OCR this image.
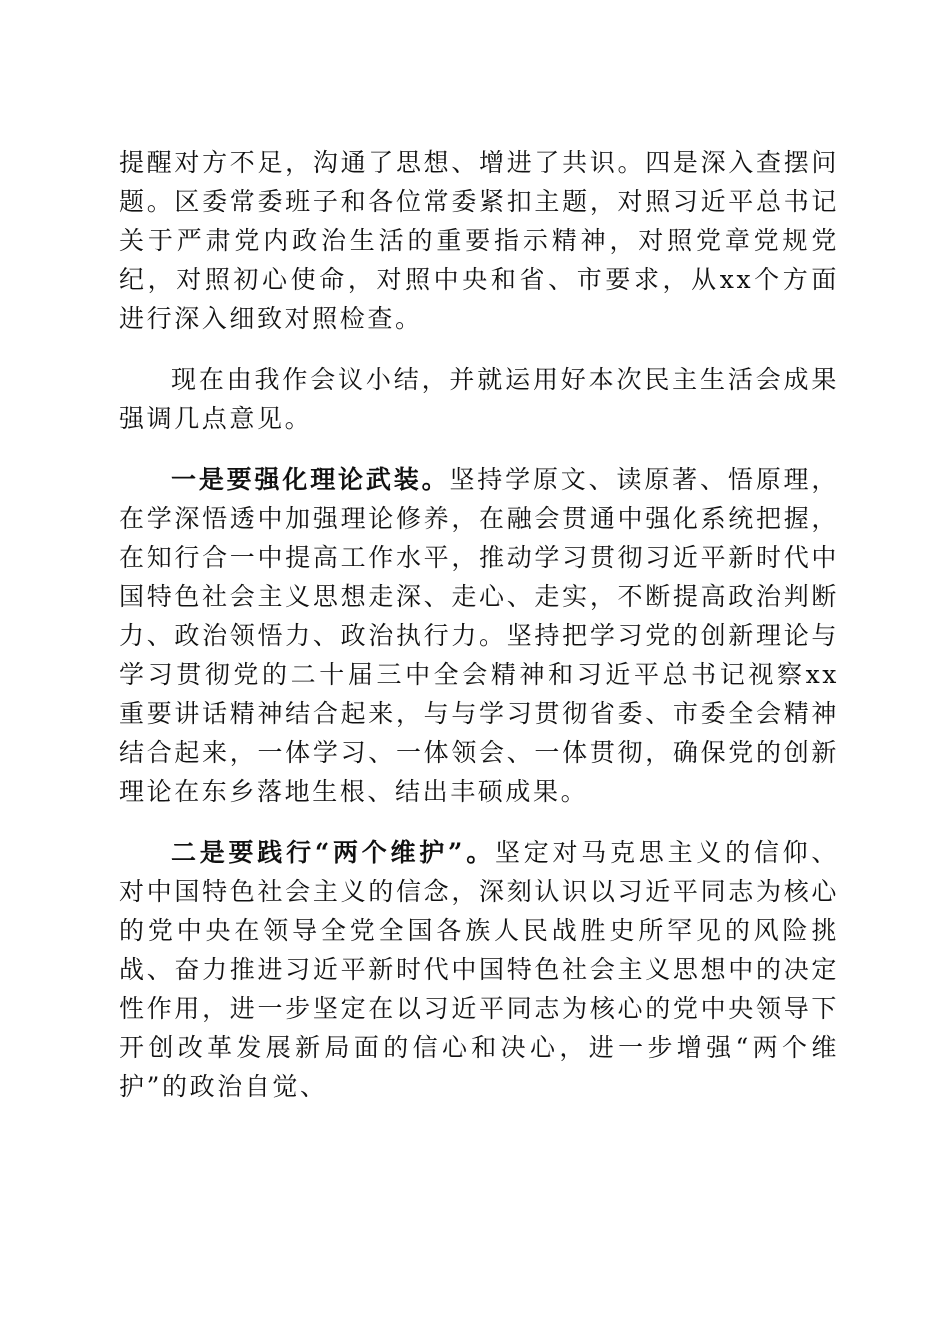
提醒对方不足，沟通了思想、增进了共识。四是深入查摆问题。区委常委班子和各位常委紧扣主题，对照习近平总书记关于严肃党内政治生活的重要指示精神，对照党章党规党纪，对照初心使命，对照中央和省、市要求，从xx个方面进行深入细致对照检查。

现在由我作会议小结，并就运用好本次民主生活会成果强调几点意见。

一是要强化理论武装。坚持学原文、读原著、悟原理，在学深悟透中加强理论修养，在融会贯通中强化系统把握，在知行合一中提高工作水平，推动学习贯彻习近平新时代中国特色社会主义思想走深、走心、走实，不断提高政治判断力、政治领悟力、政治执行力。坚持把学习党的创新理论与学习贯彻党的二十届三中全会精神和习近平总书记视察xx重要讲话精神结合起来，与与学习贯彻省委、市委全会精神结合起来，一体学习、一体领会、一体贯彻，确保党的创新理论在东乡落地生根、结出丰硕成果。

二是要践行“两个维护”。坚定对马克思主义的信仰、对中国特色社会主义的信念，深刻认识以习近平同志为核心的党中央在领导全党全国各族人民战胜史所罕见的风险挑战、奋力推进习近平新时代中国特色社会主义思想中的决定性作用，进一步坚定在以习近平同志为核心的党中央领导下开创改革发展新局面的信心和决心，进一步增强“两个维护”的政治自觉、
